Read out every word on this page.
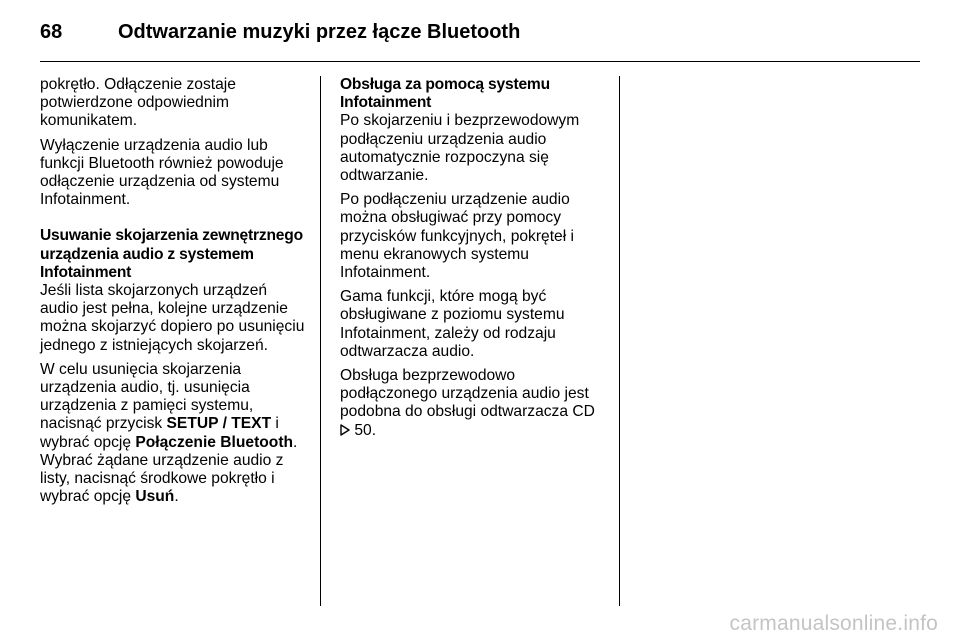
68	Odtwarzanie muzyki przez łącze Bluetooth

pokrętło. Odłączenie zostaje potwierdzone odpowiednim komunikatem.

Wyłączenie urządzenia audio lub funkcji Bluetooth również powoduje odłączenie urządzenia od systemu Infotainment.

Usuwanie skojarzenia zewnętrznego urządzenia audio z systemem Infotainment

Jeśli lista skojarzonych urządzeń audio jest pełna, kolejne urządzenie można skojarzyć dopiero po usunięciu jednego z istniejących skojarzeń.

W celu usunięcia skojarzenia urządzenia audio, tj. usunięcia urządzenia z pamięci systemu, nacisnąć przycisk SETUP / TEXT i wybrać opcję Połączenie Bluetooth. Wybrać żądane urządzenie audio z listy, nacisnąć środkowe pokrętło i wybrać opcję Usuń.

Obsługa za pomocą systemu Infotainment

Po skojarzeniu i bezprzewodowym podłączeniu urządzenia audio automatycznie rozpoczyna się odtwarzanie.

Po podłączeniu urządzenie audio można obsługiwać przy pomocy przycisków funkcyjnych, pokręteł i menu ekranowych systemu Infotainment.

Gama funkcji, które mogą być obsługiwane z poziomu systemu Infotainment, zależy od rodzaju odtwarzacza audio.

Obsługa bezprzewodowo podłączonego urządzenia audio jest podobna do obsługi odtwarzacza CD  50.

carmanualsonline.info
